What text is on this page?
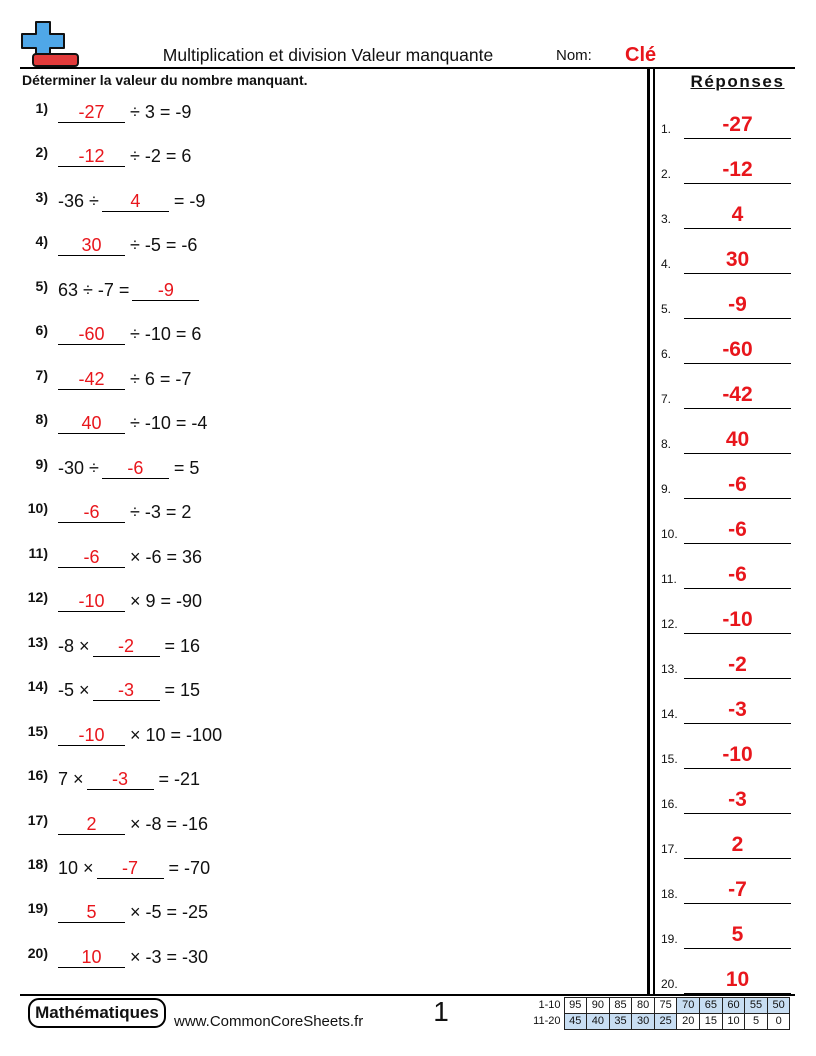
Multiplication et division Valeur manquante	Nom: Clé
Déterminer la valeur du nombre manquant.	Réponses
1)	-27 ÷ 3 = -9
2)	-12 ÷ -2 = 6
3) -36 ÷ 4 = -9
4)	30 ÷ -5 = -6
5) 63 ÷ -7 = -9
6)	-60 ÷ -10 = 6
7)	-42 ÷ 6 = -7
8)	40 ÷ -10 = -4
9) -30 ÷ -6 = 5
10)	-6 ÷ -3 = 2
11)	-6 × -6 = 36
12)	-10 × 9 = -90
13) -8 × -2 = 16
14) -5 × -3 = 15
15)	-10 × 10 = -100
16) 7 × -3 = -21
17)	2 × -8 = -16
18) 10 × -7 = -70
19)	5 × -5 = -25
20)	10 × -3 = -30
1.	-27
2.	-12
3.	4
4.	30
5.	-9
6.	-60
7.	-42
8.	40
9.	-6
10.	-6
11.	-6
12.	-10
13.	-2
14.	-3
15.	-10
16.	-3
17.	2
18.	-7
19.	5
20.	10
Mathématiques	www.CommonCoreSheets.fr 1	1-10	95	90	85	80	75	70	65	60	55	50
11-20	45	40	35	30	25	20	15	10	5	0
